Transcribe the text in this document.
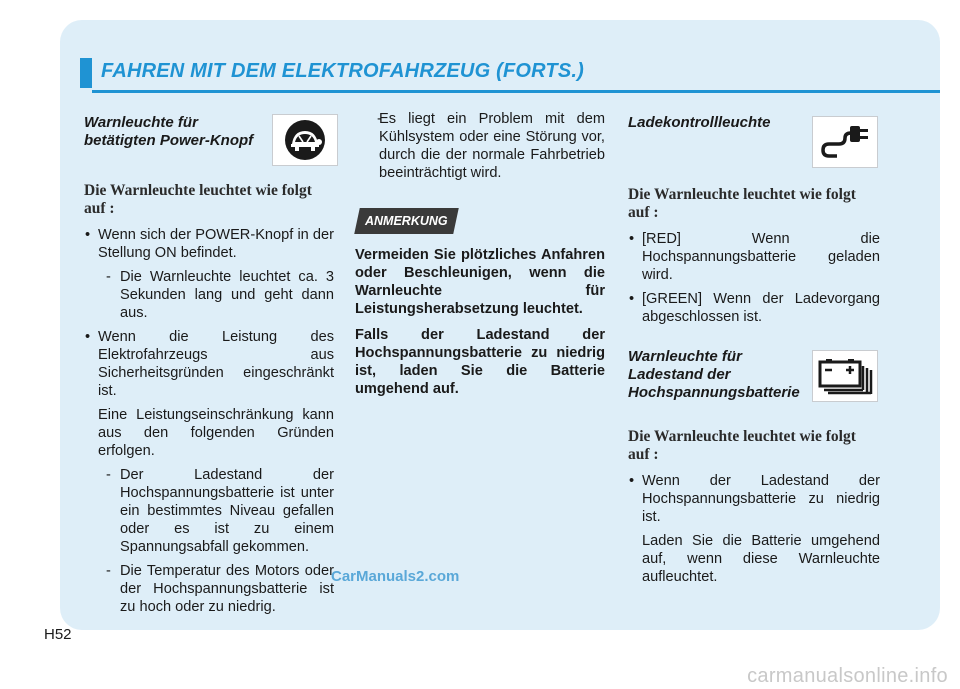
FAHREN MIT DEM ELEKTROFAHRZEUG (FORTS.)
Warnleuchte für
betätigten Power-Knopf
Die Warnleuchte leuchtet wie folgt
auf :

• Wenn sich der POWER-Knopf in der Stellung ON befindet.

- Die Warnleuchte leuchtet ca. 3 Sekunden lang und geht dann aus.

• Wenn die Leistung des Elektrofahrzeugs aus Sicherheitsgründen eingeschränkt ist.

Eine Leistungseinschränkung kann aus den folgenden Gründen erfolgen.

- Der Ladestand der Hochspannungsbatterie ist unter ein bestimmtes Niveau gefallen oder es ist zu einem Spannungsabfall gekommen.

- Die Temperatur des Motors oder der Hochspannungsbatterie ist zu hoch oder zu niedrig.

- Es liegt ein Problem mit dem Kühlsystem oder eine Störung vor, durch die der normale Fahrbetrieb beeinträchtigt wird.

ANMERKUNG

Vermeiden Sie plötzliches Anfahren oder Beschleunigen, wenn die Warnleuchte für Leistungsherabsetzung leuchtet.

Falls der Ladestand der Hochspannungsbatterie zu niedrig ist, laden Sie die Batterie umgehend auf.

Ladekontrollleuchte
Die Warnleuchte leuchtet wie folgt
auf :

• [RED] Wenn die Hochspannungsbatterie geladen wird.

• [GREEN] Wenn der Ladevorgang abgeschlossen ist.

Warnleuchte für
Ladestand der
Hochspannungsbatterie
Die Warnleuchte leuchtet wie folgt
auf :

• Wenn der Ladestand der Hochspannungsbatterie zu niedrig ist.

Laden Sie die Batterie umgehend auf, wenn diese Warnleuchte aufleuchtet.

CarManuals2.com
H52
carmanualsonline.info
